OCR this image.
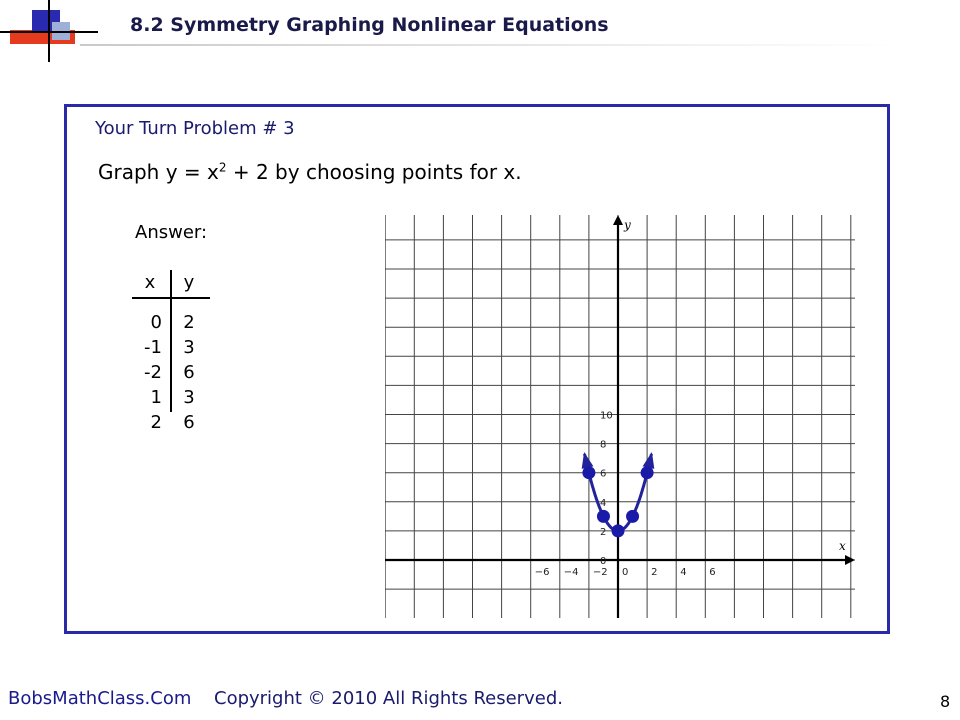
8.2 Symmetry Graphing Nonlinear Equations
Your Turn Problem # 3
Graph $y = x^2 + 2$ by choosing points for x.
Answer:
x	y
0	2
-1	3
-2	6
1	3
2	6
x
y
−6 −4 −2 0 2 4 6
0
2
4
6
8
10
BobsMathClass.Com Copyright © 2010 All Rights Reserved.	8
